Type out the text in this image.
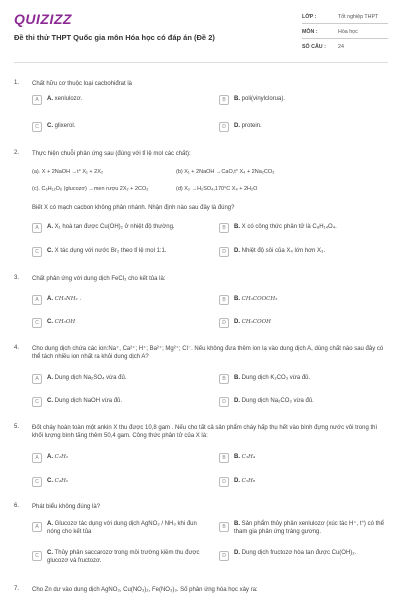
QUIZIZZ
Đề thi thử THPT Quốc gia môn Hóa học có đáp án (Đề 2)
LỚP :	Tốt nghiệp THPT
MÔN :	Hóa học
SỐ CÂU : 24
1. Chất hữu cơ thuộc loại cacbohiđrat là
A	A. xenlulozơ.	B	B. poli(vinylclorua).
C	C. glixerol.	D	D. protein.
2. Thực hiện chuỗi phản ứng sau (đúng với tỉ lệ mol các chất):
(a). X + 2NaOH →t° X₁ + 2X₂	(b) X₁ + 2NaOH →CaO,t° X₄ + 2Na₂CO₃
(c). C₆H₁₂O₆ (glucozơ) →men rượu 2X₂ + 2CO₂	(d) X₂ →H₂SO₄,170°C X₄ + 2H₂O
Biết X có mạch cacbon không phân nhánh. Nhận định nào sau đây là đúng?
A	A. X₁ hoà tan được Cu(OH)₂ ở nhiệt độ thường.	B	B. X có công thức phân tử là C₈H₁₄O₄.
C	C. X tác dụng với nước Br₂ theo tỉ lệ mol 1:1.	D	D. Nhiệt độ sôi của X₄ lớn hơn X₃.
3. Chất phản ứng với dung dịch FeCl₃ cho kết tủa là:
A	A. CH₃NH₂ .	B	B. CH₃COOCH₃
C	C. CH₃OH	D	D. CH₃COOH
4. Cho dung dịch chứa các ion:Na⁺, Ca²⁺; H⁺; Ba²⁺; Mg²⁺; Cl⁻. Nếu không đưa thêm ion lạ vào dung dịch A, dùng chất nào sau đây có thể tách nhiều ion nhất ra khỏi dung dịch A?
A	A. Dung dịch Na₂SO₄ vừa đủ.	B	B. Dung dịch K₂CO₃ vừa đủ.
C	C. Dung dịch NaOH vừa đủ.	D	D. Dung dịch Na₂CO₃ vừa đủ.
5. Đốt cháy hoàn toàn một ankin X thu được 10,8 gam . Nếu cho tất cả sản phẩm cháy hấp thụ hết vào bình đựng nước vôi trong thì khối lượng bình tăng thêm 50,4 gam. Công thức phân tử của X là:
A	A. C₂H₂	B	B. C₃H₄
C	C. C₄H₆	D	D. C₅H₈
6. Phát biểu không đúng là?
A	A. Glucozơ tác dụng với dung dịch AgNO₃ / NH₃ khi đun nóng cho kết tủa
B	B. Sản phẩm thủy phân xenlulozơ (xúc tác H⁺, t°) có thể tham gia phản ứng tráng gương.
C	C. Thủy phân saccarozơ trong môi trường kiềm thu được glucozơ và fructozơ.
D	D. Dung dịch fructozơ hòa tan được Cu(OH)₂.
7. Cho Zn dư vào dung dịch AgNO₃, Cu(NO₃)₂, Fe(NO₃)₃. Số phản ứng hóa học xảy ra:
